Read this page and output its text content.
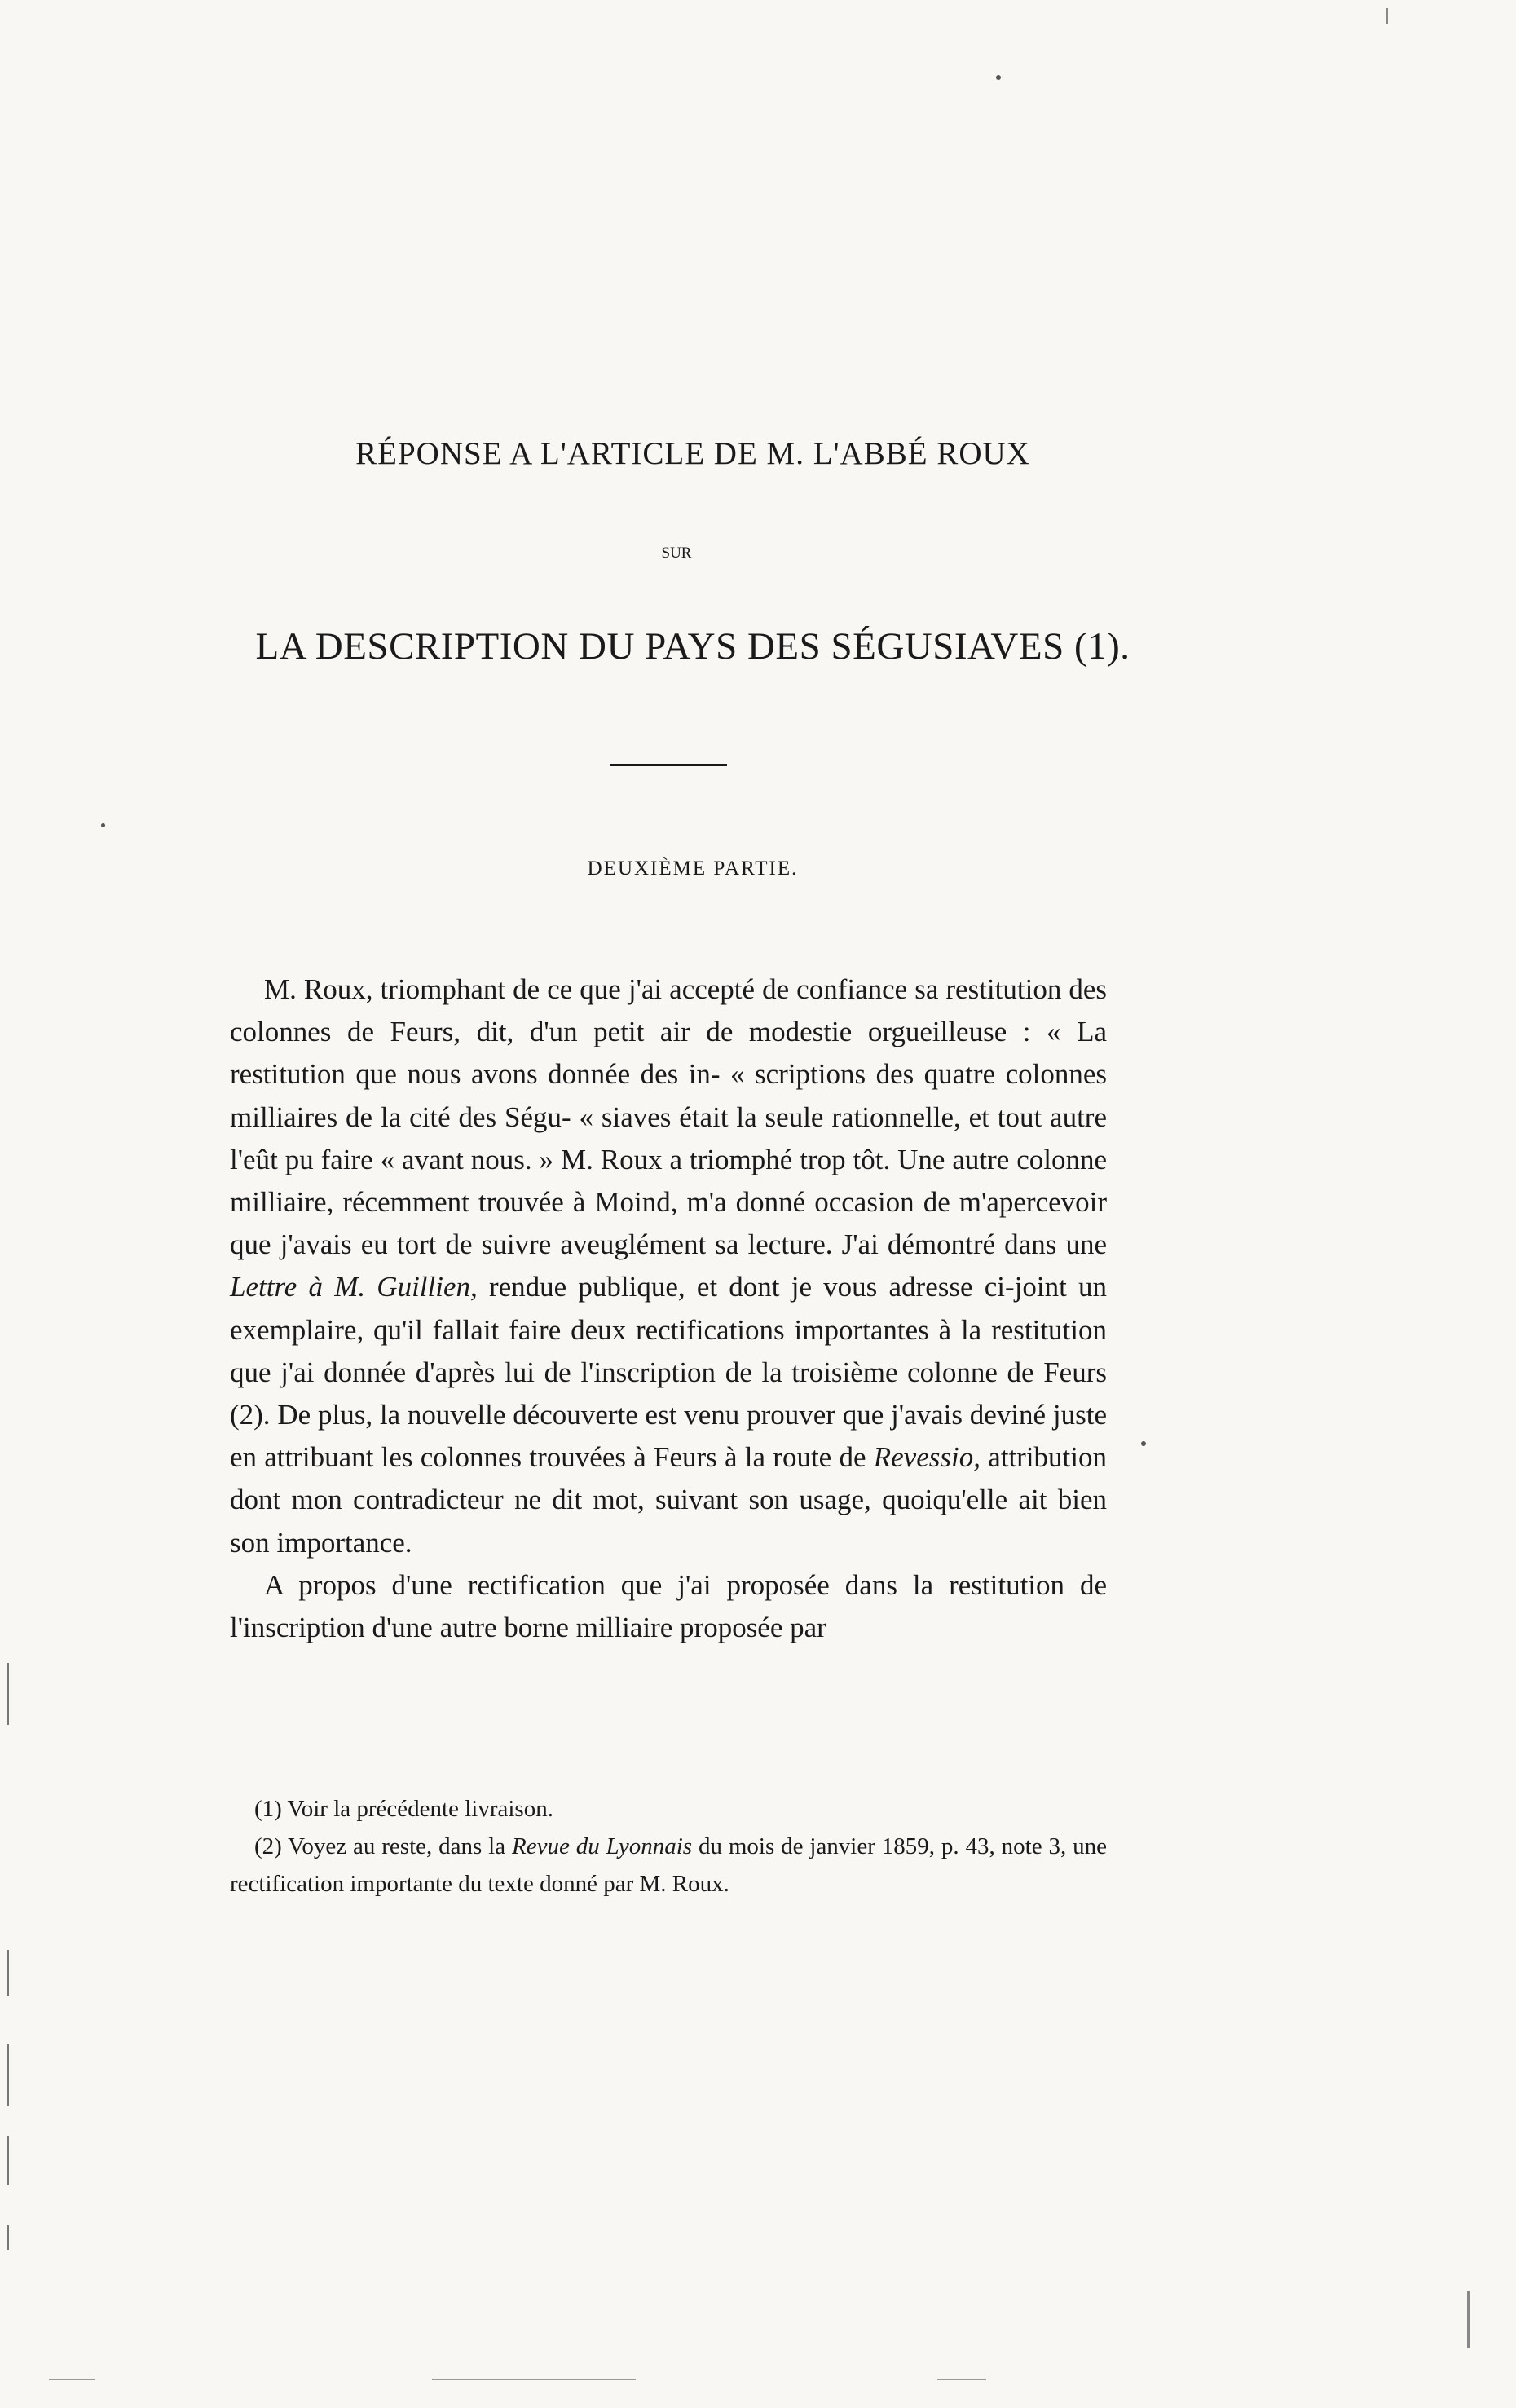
RÉPONSE A L'ARTICLE DE M. L'ABBÉ ROUX
SUR
LA DESCRIPTION DU PAYS DES SÉGUSIAVES (1).
DEUXIÈME PARTIE.

M. Roux, triomphant de ce que j'ai accepté de confiance sa restitution des colonnes de Feurs, dit, d'un petit air de modestie orgueilleuse : « La restitution que nous avons donnée des in- « scriptions des quatre colonnes milliaires de la cité des Ségu- « siaves était la seule rationnelle, et tout autre l'eût pu faire « avant nous. » M. Roux a triomphé trop tôt. Une autre colonne milliaire, récemment trouvée à Moind, m'a donné occasion de m'apercevoir que j'avais eu tort de suivre aveuglément sa lecture. J'ai démontré dans une Lettre à M. Guillien, rendue publique, et dont je vous adresse ci-joint un exemplaire, qu'il fallait faire deux rectifications importantes à la restitution que j'ai donnée d'après lui de l'inscription de la troisième colonne de Feurs (2). De plus, la nouvelle découverte est venu prouver que j'avais deviné juste en attribuant les colonnes trouvées à Feurs à la route de Revessio, attribution dont mon contradicteur ne dit mot, suivant son usage, quoiqu'elle ait bien son importance.

A propos d'une rectification que j'ai proposée dans la restitution de l'inscription d'une autre borne milliaire proposée par

(1) Voir la précédente livraison.

(2) Voyez au reste, dans la Revue du Lyonnais du mois de janvier 1859, p. 43, note 3, une rectification importante du texte donné par M. Roux.
